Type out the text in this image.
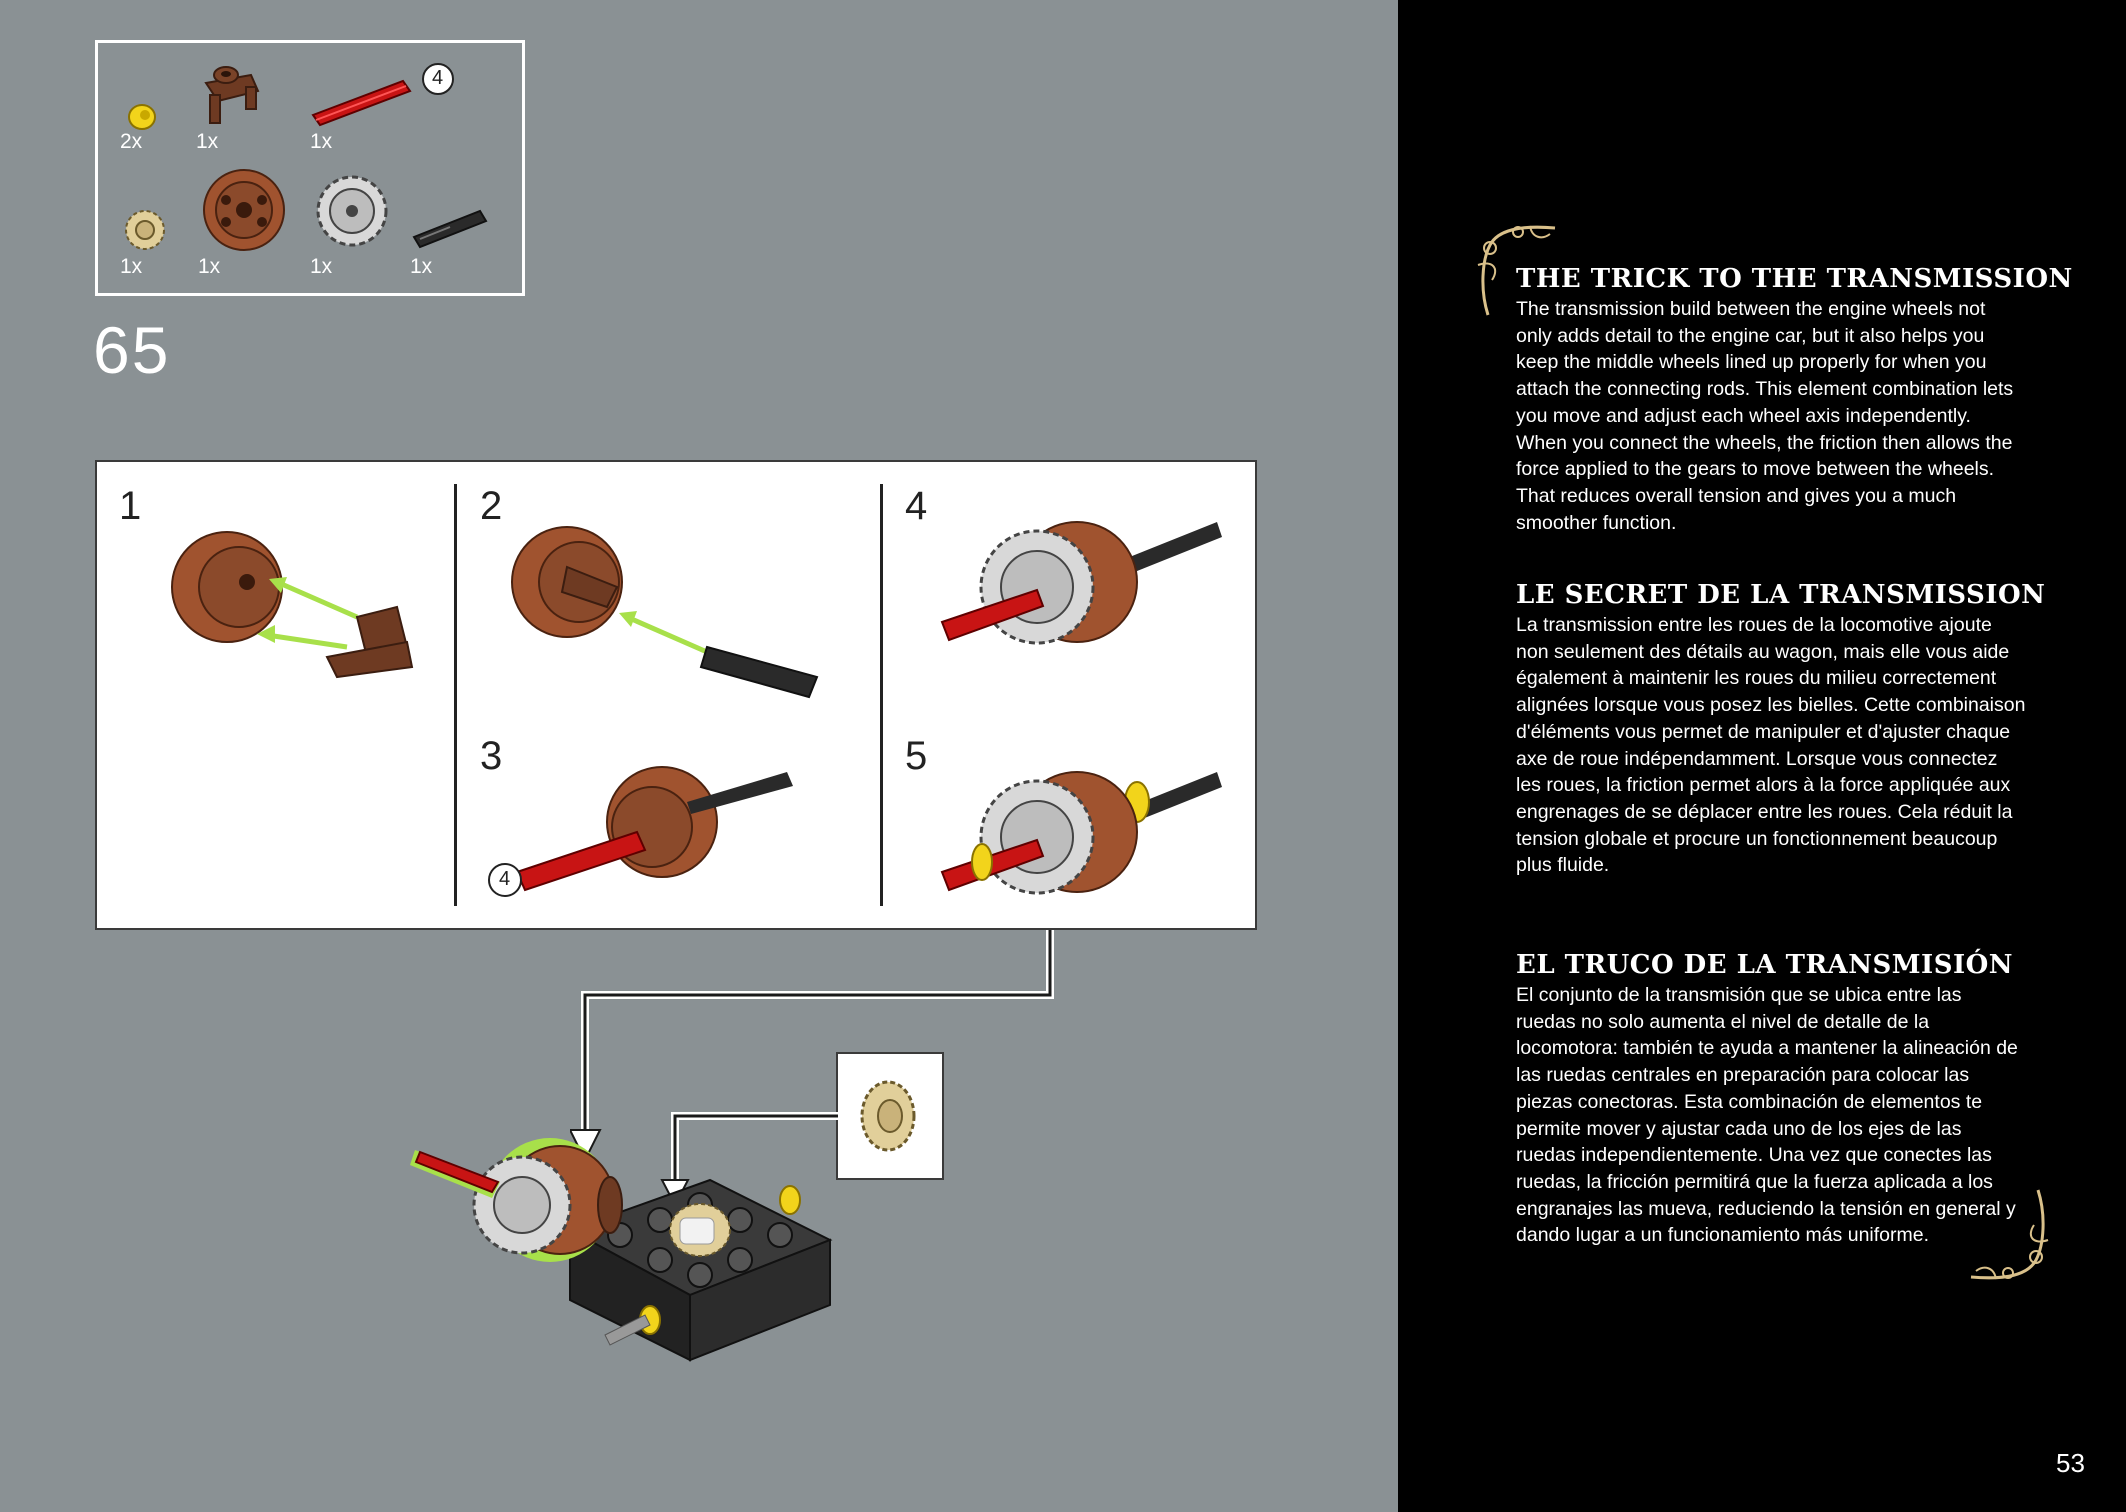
2x	1x	1x
4
1x	1x	1x	1x
65
1	2
3
4
5
4
THE TRICK TO THE TRANSMISSION

The transmission build between the engine wheels not only adds detail to the engine car, but it also helps you keep the middle wheels lined up properly for when you attach the connecting rods. This element combination lets you move and adjust each wheel axis independently. When you connect the wheels, the friction then allows the force applied to the gears to move between the wheels. That reduces overall tension and gives you a much smoother function.

LE SECRET DE LA TRANSMISSION

La transmission entre les roues de la locomotive ajoute non seulement des détails au wagon, mais elle vous aide également à maintenir les roues du milieu correctement alignées lorsque vous posez les bielles. Cette combinaison d'éléments vous permet de manipuler et d'ajuster chaque axe de roue indépendamment. Lorsque vous connectez les roues, la friction permet alors à la force appliquée aux engrenages de se déplacer entre les roues. Cela réduit la tension globale et procure un fonctionnement beaucoup plus fluide.

EL TRUCO DE LA TRANSMISIÓN

El conjunto de la transmisión que se ubica entre las ruedas no solo aumenta el nivel de detalle de la locomotora: también te ayuda a mantener la alineación de las ruedas centrales en preparación para colocar las piezas conectoras. Esta combinación de elementos te permite mover y ajustar cada uno de los ejes de las ruedas independientemente. Una vez que conectes las ruedas, la fricción permitirá que la fuerza aplicada a los engranajes las mueva, reduciendo la tensión en general y dando lugar a un funcionamiento más uniforme.

53
